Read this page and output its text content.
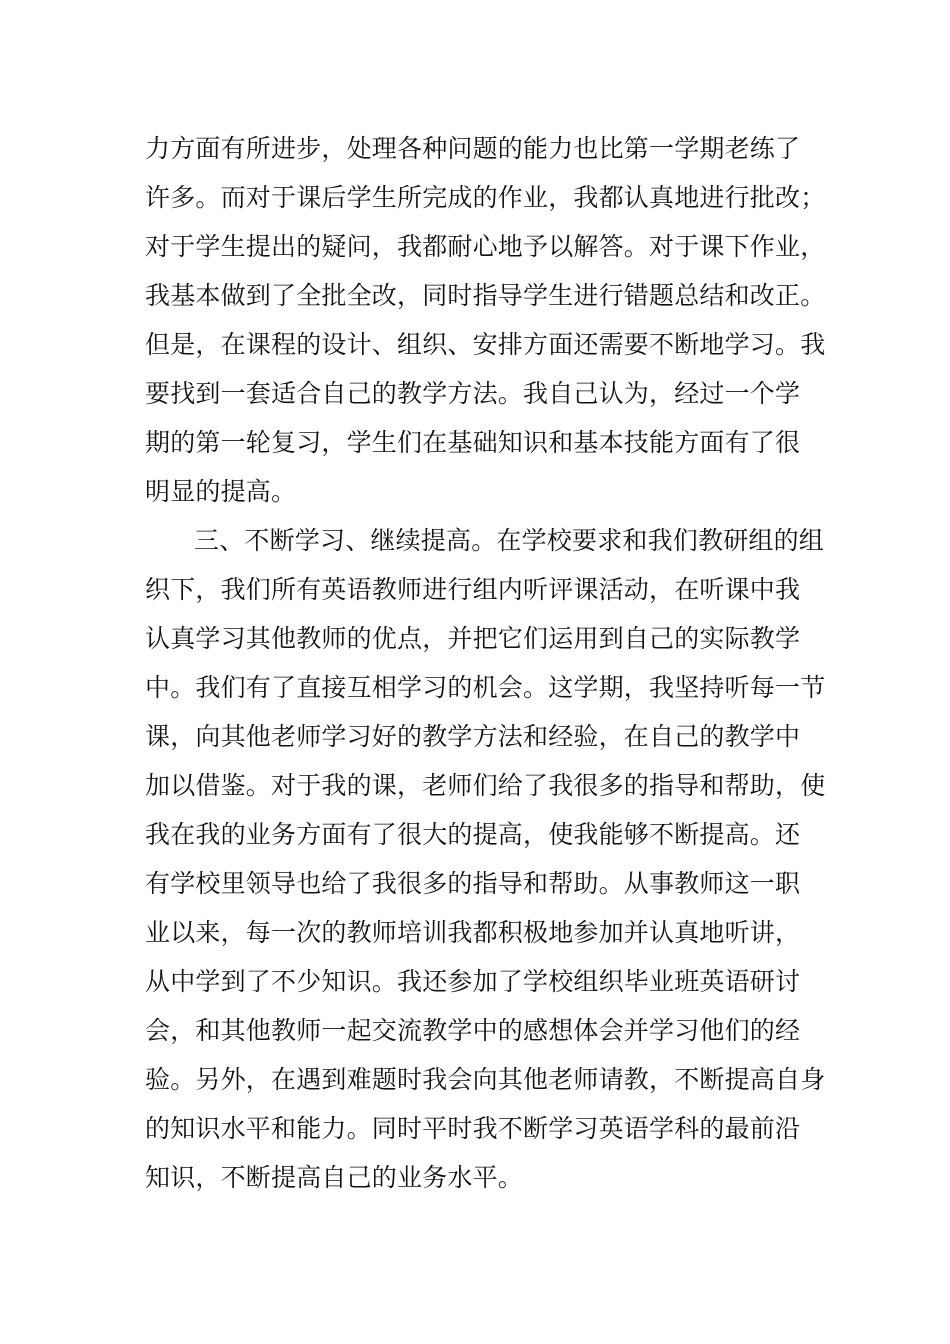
力方面有所进步，处理各种问题的能力也比第一学期老练了
许多。而对于课后学生所完成的作业，我都认真地进行批改；
对于学生提出的疑问，我都耐心地予以解答。对于课下作业，
我基本做到了全批全改，同时指导学生进行错题总结和改正。
但是，在课程的设计、组织、安排方面还需要不断地学习。我
要找到一套适合自己的教学方法。我自己认为，经过一个学
期的第一轮复习，学生们在基础知识和基本技能方面有了很
明显的提高。
三、不断学习、继续提高。在学校要求和我们教研组的组
织下，我们所有英语教师进行组内听评课活动，在听课中我
认真学习其他教师的优点，并把它们运用到自己的实际教学
中。我们有了直接互相学习的机会。这学期，我坚持听每一节
课，向其他老师学习好的教学方法和经验，在自己的教学中
加以借鉴。对于我的课，老师们给了我很多的指导和帮助，使
我在我的业务方面有了很大的提高，使我能够不断提高。还
有学校里领导也给了我很多的指导和帮助。从事教师这一职
业以来，每一次的教师培训我都积极地参加并认真地听讲，
从中学到了不少知识。我还参加了学校组织毕业班英语研讨
会，和其他教师一起交流教学中的感想体会并学习他们的经
验。另外，在遇到难题时我会向其他老师请教，不断提高自身
的知识水平和能力。同时平时我不断学习英语学科的最前沿
知识，不断提高自己的业务水平。
